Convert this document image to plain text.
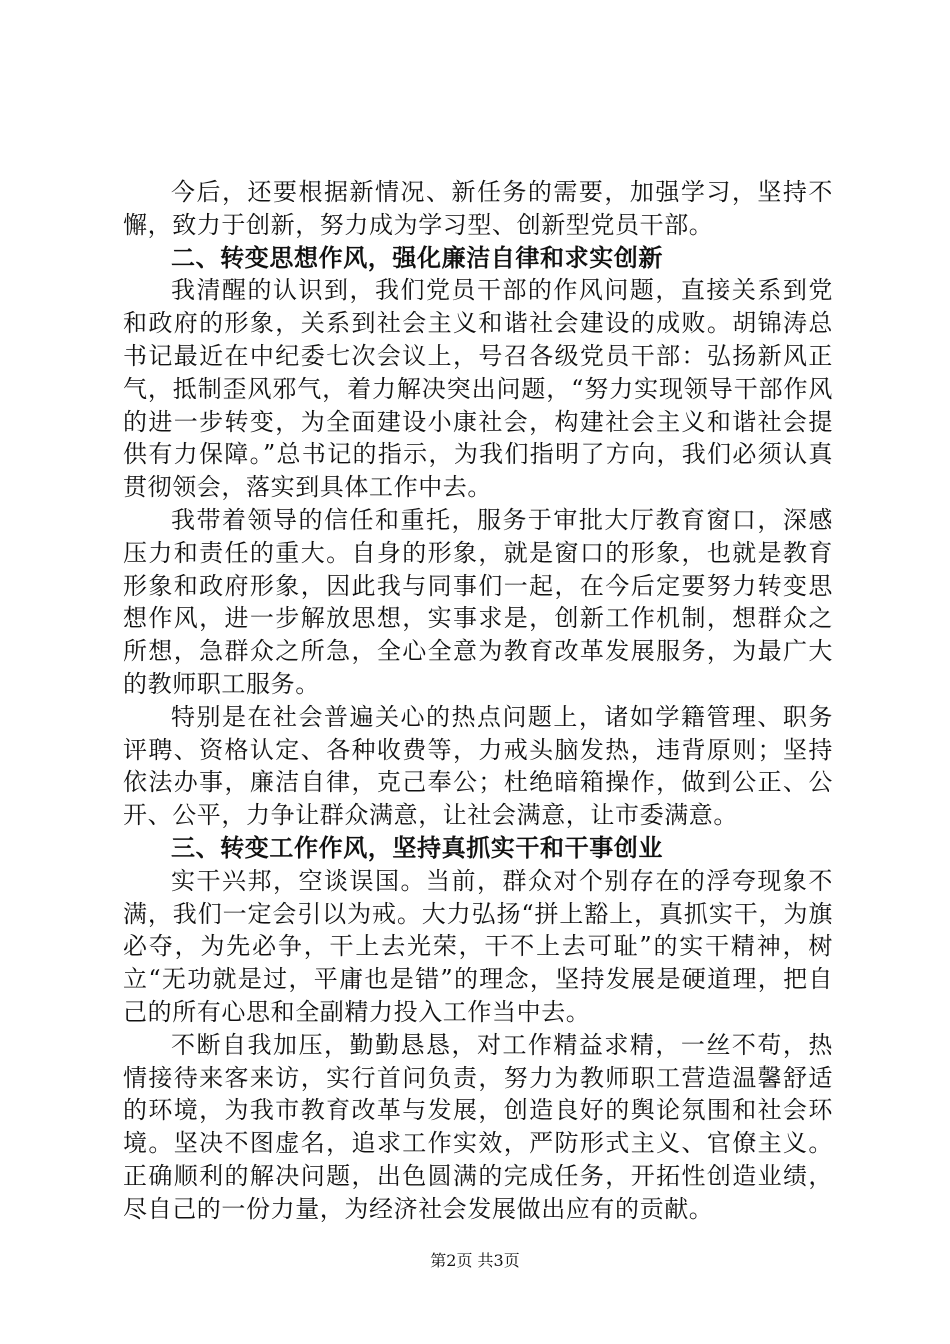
今后，还要根据新情况、新任务的需要，加强学习，坚持不懈，致力于创新，努力成为学习型、创新型党员干部。

二、转变思想作风，强化廉洁自律和求实创新

我清醒的认识到，我们党员干部的作风问题，直接关系到党和政府的形象，关系到社会主义和谐社会建设的成败。胡锦涛总书记最近在中纪委七次会议上，号召各级党员干部：弘扬新风正气，抵制歪风邪气，着力解决突出问题，“努力实现领导干部作风的进一步转变，为全面建设小康社会，构建社会主义和谐社会提供有力保障。”总书记的指示，为我们指明了方向，我们必须认真贯彻领会，落实到具体工作中去。

我带着领导的信任和重托，服务于审批大厅教育窗口，深感压力和责任的重大。自身的形象，就是窗口的形象，也就是教育形象和政府形象，因此我与同事们一起，在今后定要努力转变思想作风，进一步解放思想，实事求是，创新工作机制，想群众之所想，急群众之所急，全心全意为教育改革发展服务，为最广大的教师职工服务。

特别是在社会普遍关心的热点问题上，诸如学籍管理、职务评聘、资格认定、各种收费等，力戒头脑发热，违背原则；坚持依法办事，廉洁自律，克己奉公；杜绝暗箱操作，做到公正、公开、公平，力争让群众满意，让社会满意，让市委满意。

三、转变工作作风，坚持真抓实干和干事创业

实干兴邦，空谈误国。当前，群众对个别存在的浮夸现象不满，我们一定会引以为戒。大力弘扬“拼上豁上，真抓实干，为旗必夺，为先必争，干上去光荣，干不上去可耻”的实干精神，树立“无功就是过，平庸也是错”的理念，坚持发展是硬道理，把自己的所有心思和全副精力投入工作当中去。

不断自我加压，勤勤恳恳，对工作精益求精，一丝不苟，热情接待来客来访，实行首问负责，努力为教师职工营造温馨舒适的环境，为我市教育改革与发展，创造良好的舆论氛围和社会环境。坚决不图虚名，追求工作实效，严防形式主义、官僚主义。正确顺利的解决问题，出色圆满的完成任务，开拓性创造业绩，尽自己的一份力量，为经济社会发展做出应有的贡献。

第2页 共3页
